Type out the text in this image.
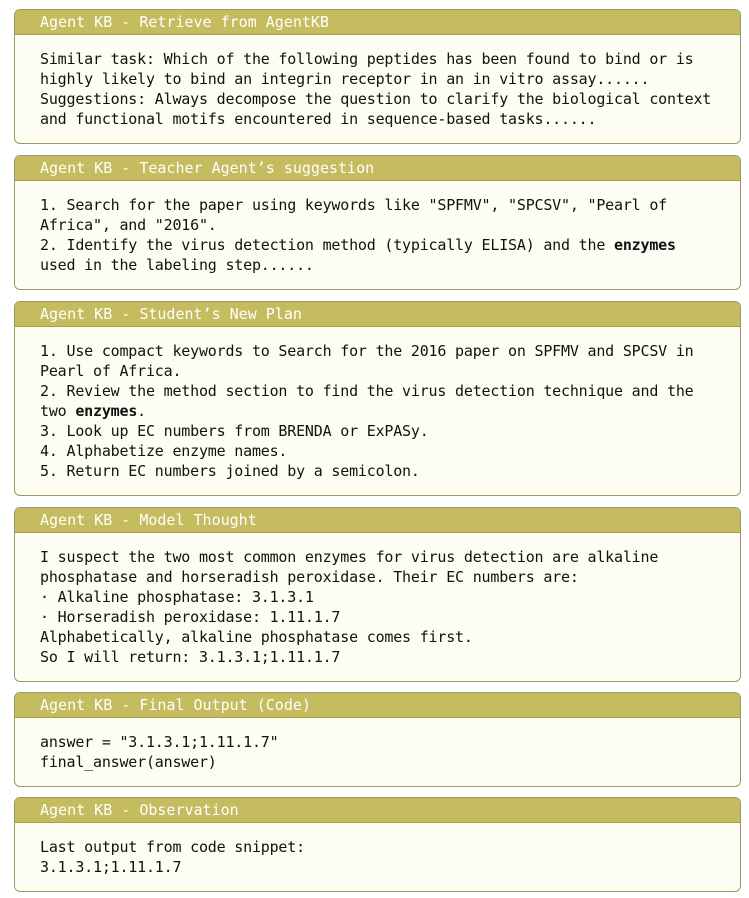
Agent KB - Retrieve from AgentKB
Similar task: Which of the following peptides has been found to bind or is
highly likely to bind an integrin receptor in an in vitro assay......
Suggestions: Always decompose the question to clarify the biological context
and functional motifs encountered in sequence-based tasks......
Agent KB - Teacher Agent’s suggestion
1. Search for the paper using keywords like "SPFMV", "SPCSV", "Pearl of
Africa", and "2016".
2. Identify the virus detection method (typically ELISA) and the enzymes
used in the labeling step......
Agent KB - Student’s New Plan
1. Use compact keywords to Search for the 2016 paper on SPFMV and SPCSV in
Pearl of Africa.
2. Review the method section to find the virus detection technique and the
two enzymes.
3. Look up EC numbers from BRENDA or ExPASy.
4. Alphabetize enzyme names.
5. Return EC numbers joined by a semicolon.
Agent KB - Model Thought
I suspect the two most common enzymes for virus detection are alkaline
phosphatase and horseradish peroxidase. Their EC numbers are:
· Alkaline phosphatase: 3.1.3.1
· Horseradish peroxidase: 1.11.1.7
Alphabetically, alkaline phosphatase comes first.
So I will return: 3.1.3.1;1.11.1.7
Agent KB - Final Output (Code)
answer = "3.1.3.1;1.11.1.7"
final_answer(answer)
Agent KB - Observation
Last output from code snippet:
3.1.3.1;1.11.1.7
